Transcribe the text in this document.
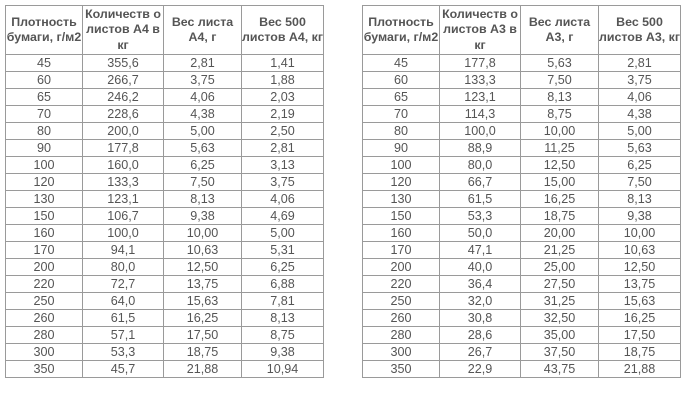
Плотность бумаги, г/м2	Количеств о листов А4 в кг	Вес листа А4, г	Вес 500 листов А4, кг
45	355,6	2,81	1,41
60	266,7	3,75	1,88
65	246,2	4,06	2,03
70	228,6	4,38	2,19
80	200,0	5,00	2,50
90	177,8	5,63	2,81
100	160,0	6,25	3,13
120	133,3	7,50	3,75
130	123,1	8,13	4,06
150	106,7	9,38	4,69
160	100,0	10,00	5,00
170	94,1	10,63	5,31
200	80,0	12,50	6,25
220	72,7	13,75	6,88
250	64,0	15,63	7,81
260	61,5	16,25	8,13
280	57,1	17,50	8,75
300	53,3	18,75	9,38
350	45,7	21,88	10,94
Плотность бумаги, г/м2	Количеств о листов А3 в кг	Вес листа А3, г	Вес 500 листов А3, кг
45	177,8	5,63	2,81
60	133,3	7,50	3,75
65	123,1	8,13	4,06
70	114,3	8,75	4,38
80	100,0	10,00	5,00
90	88,9	11,25	5,63
100	80,0	12,50	6,25
120	66,7	15,00	7,50
130	61,5	16,25	8,13
150	53,3	18,75	9,38
160	50,0	20,00	10,00
170	47,1	21,25	10,63
200	40,0	25,00	12,50
220	36,4	27,50	13,75
250	32,0	31,25	15,63
260	30,8	32,50	16,25
280	28,6	35,00	17,50
300	26,7	37,50	18,75
350	22,9	43,75	21,88
